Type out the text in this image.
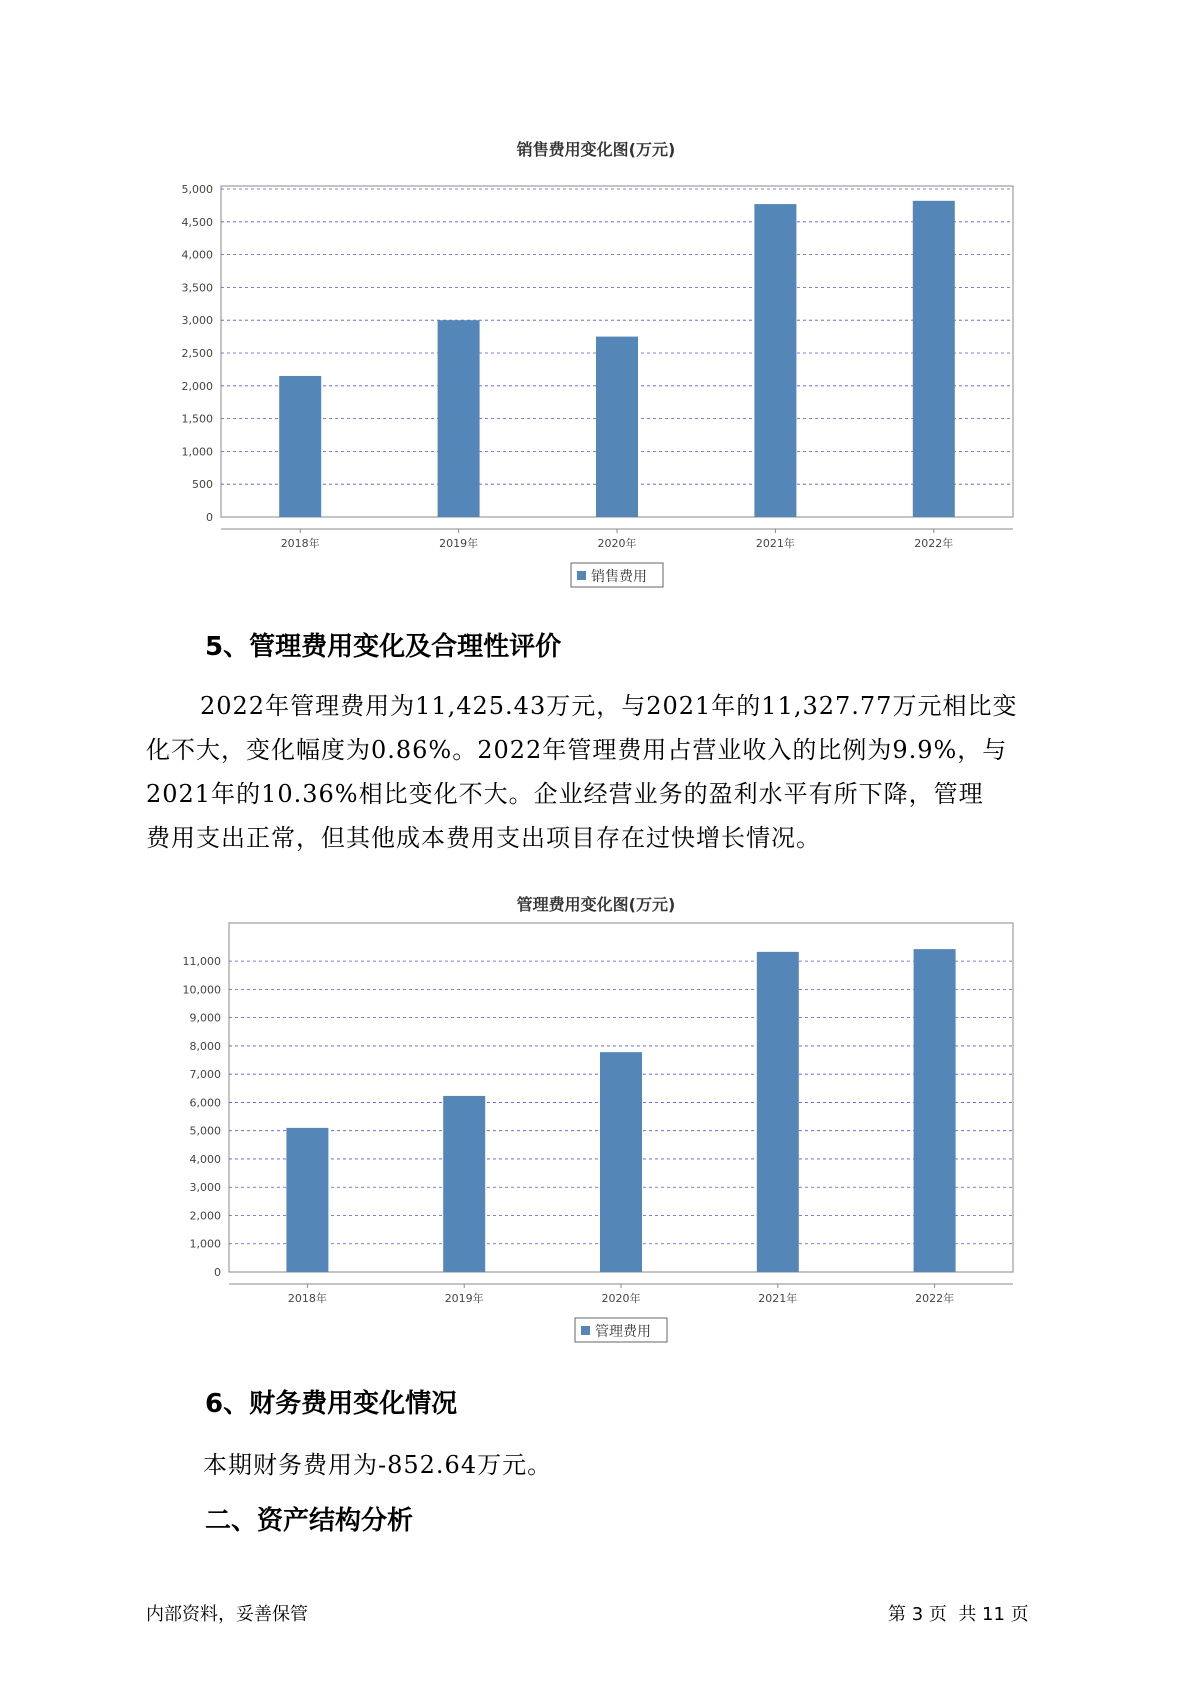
销售费用变化图(万元)
0
500
1,000
1,500
2,000
2,500
3,000
3,500
4,000
4,500
5,000
2018年	2019年	2020年	2021年	2022年
销售费用
5、管理费用变化及合理性评价
2022年管理费用为11,425.43万元，与2021年的11,327.77万元相比变
化不大，变化幅度为0.86%。2022年管理费用占营业收入的比例为9.9%，与
2021年的10.36%相比变化不大。企业经营业务的盈利水平有所下降，管理
费用支出正常，但其他成本费用支出项目存在过快增长情况。
管理费用变化图(万元)
0
1,000
2,000
3,000
4,000
5,000
6,000
7,000
8,000
9,000
10,000
11,000
2018年	2019年	2020年	2021年	2022年
管理费用
6、财务费用变化情况
本期财务费用为-852.64万元。
二、资产结构分析
内部资料，妥善保管	第 3 页  共 11 页
